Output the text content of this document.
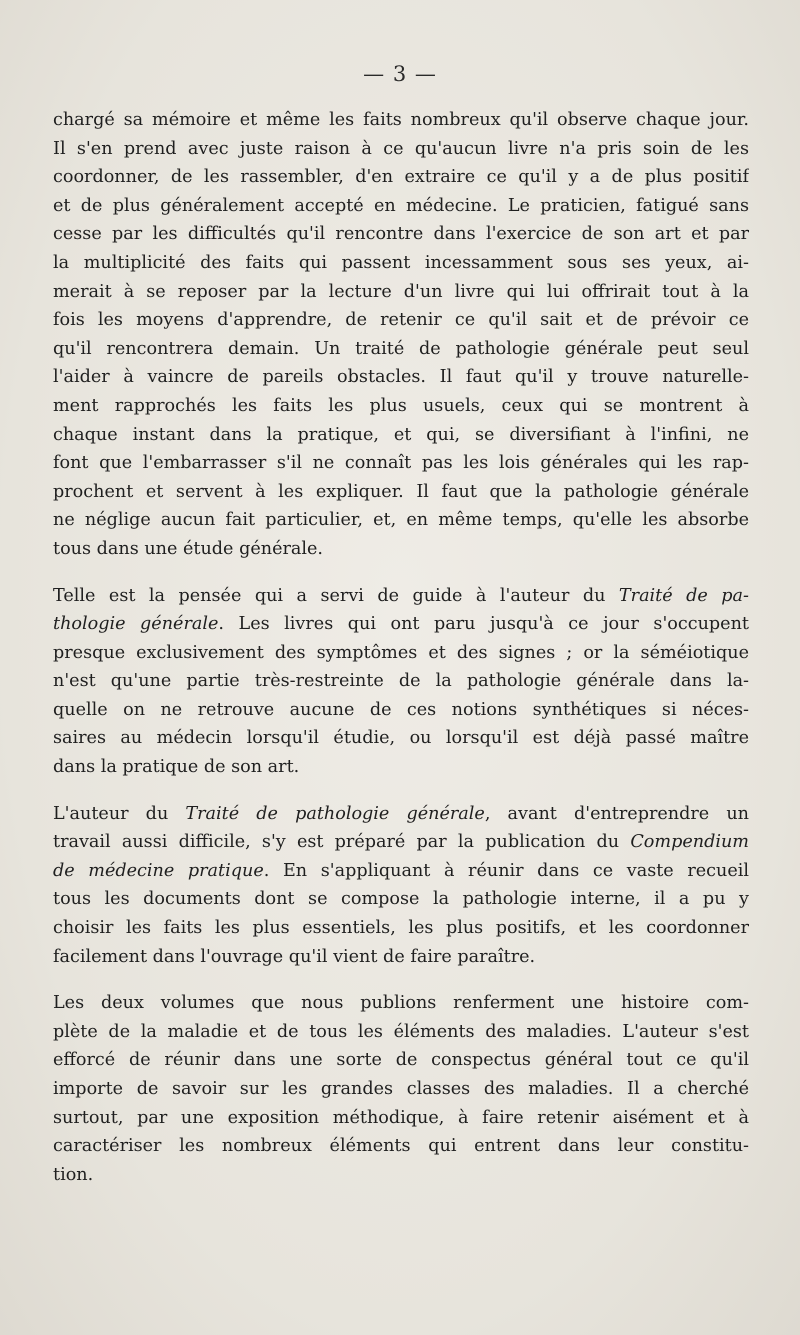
— 3 —
chargé sa mémoire et même les faits nombreux qu'il observe chaque jour.
Il s'en prend avec juste raison à ce qu'aucun livre n'a pris soin de les
coordonner, de les rassembler, d'en extraire ce qu'il y a de plus positif
et de plus généralement accepté en médecine. Le praticien, fatigué sans
cesse par les difficultés qu'il rencontre dans l'exercice de son art et par
la multiplicité des faits qui passent incessamment sous ses yeux, ai-
merait à se reposer par la lecture d'un livre qui lui offrirait tout à la
fois les moyens d'apprendre, de retenir ce qu'il sait et de prévoir ce
qu'il rencontrera demain. Un traité de pathologie générale peut seul
l'aider à vaincre de pareils obstacles. Il faut qu'il y trouve naturelle-
ment rapprochés les faits les plus usuels, ceux qui se montrent à
chaque instant dans la pratique, et qui, se diversifiant à l'infini, ne
font que l'embarrasser s'il ne connaît pas les lois générales qui les rap-
prochent et servent à les expliquer. Il faut que la pathologie générale
ne néglige aucun fait particulier, et, en même temps, qu'elle les absorbe
tous dans une étude générale.
Telle est la pensée qui a servi de guide à l'auteur du Traité de pa-
thologie générale. Les livres qui ont paru jusqu'à ce jour s'occupent
presque exclusivement des symptômes et des signes ; or la séméiotique
n'est qu'une partie très-restreinte de la pathologie générale dans la-
quelle on ne retrouve aucune de ces notions synthétiques si néces-
saires au médecin lorsqu'il étudie, ou lorsqu'il est déjà passé maître
dans la pratique de son art.
L'auteur du Traité de pathologie générale, avant d'entreprendre un
travail aussi difficile, s'y est préparé par la publication du Compendium
de médecine pratique. En s'appliquant à réunir dans ce vaste recueil
tous les documents dont se compose la pathologie interne, il a pu y
choisir les faits les plus essentiels, les plus positifs, et les coordonner
facilement dans l'ouvrage qu'il vient de faire paraître.
Les deux volumes que nous publions renferment une histoire com-
plète de la maladie et de tous les éléments des maladies. L'auteur s'est
efforcé de réunir dans une sorte de conspectus général tout ce qu'il
importe de savoir sur les grandes classes des maladies. Il a cherché
surtout, par une exposition méthodique, à faire retenir aisément et à
caractériser les nombreux éléments qui entrent dans leur constitu-
tion.
